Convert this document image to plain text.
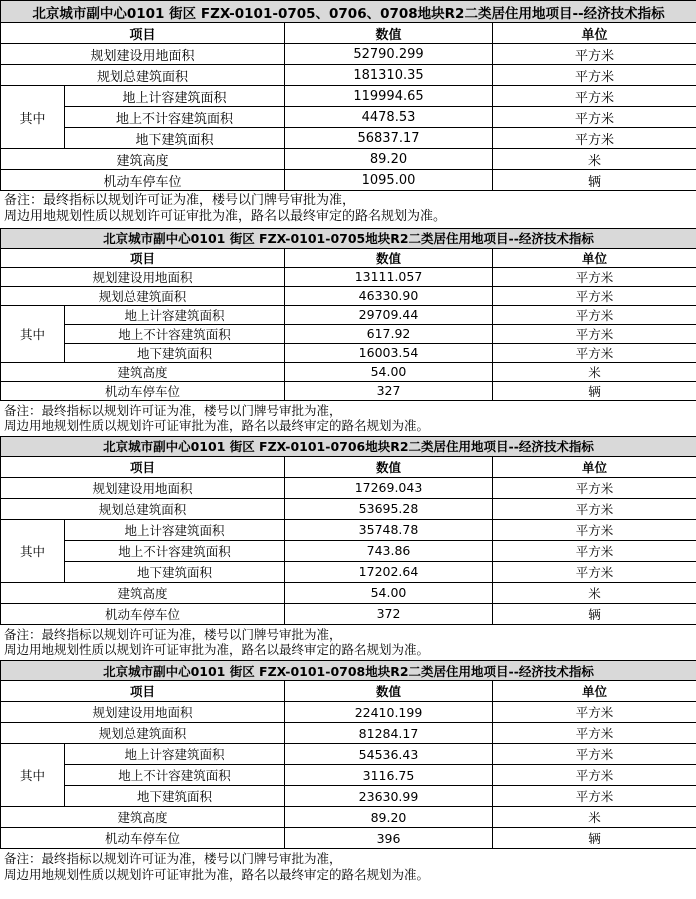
北京城市副中心0101 街区 FZX-0101-0705、0706、0708地块R2二类居住用地项目--经济技术指标			
项目		数值	单位
规划建设用地面积		52790.299	平方米
规划总建筑面积		181310.35	平方米
其中	地上计容建筑面积	119994.65	平方米
	地上不计容建筑面积	4478.53	平方米
	地下建筑面积	56837.17	平方米
建筑高度		89.20	米
机动车停车位		1095.00	辆
备注：最终指标以规划许可证为准，楼号以门牌号审批为准，
周边用地规划性质以规划许可证审批为准，路名以最终审定的路名规划为准。
北京城市副中心0101 街区 FZX-0101-0705地块R2二类居住用地项目--经济技术指标			
项目		数值	单位
规划建设用地面积		13111.057	平方米
规划总建筑面积		46330.90	平方米
其中	地上计容建筑面积	29709.44	平方米
	地上不计容建筑面积	617.92	平方米
	地下建筑面积	16003.54	平方米
建筑高度		54.00	米
机动车停车位		327	辆
备注：最终指标以规划许可证为准，楼号以门牌号审批为准，
周边用地规划性质以规划许可证审批为准，路名以最终审定的路名规划为准。
北京城市副中心0101 街区 FZX-0101-0706地块R2二类居住用地项目--经济技术指标			
项目		数值	单位
规划建设用地面积		17269.043	平方米
规划总建筑面积		53695.28	平方米
其中	地上计容建筑面积	35748.78	平方米
	地上不计容建筑面积	743.86	平方米
	地下建筑面积	17202.64	平方米
建筑高度		54.00	米
机动车停车位		372	辆
备注：最终指标以规划许可证为准，楼号以门牌号审批为准，
周边用地规划性质以规划许可证审批为准，路名以最终审定的路名规划为准。
北京城市副中心0101 街区 FZX-0101-0708地块R2二类居住用地项目--经济技术指标			
项目		数值	单位
规划建设用地面积		22410.199	平方米
规划总建筑面积		81284.17	平方米
其中	地上计容建筑面积	54536.43	平方米
	地上不计容建筑面积	3116.75	平方米
	地下建筑面积	23630.99	平方米
建筑高度		89.20	米
机动车停车位		396	辆
备注：最终指标以规划许可证为准，楼号以门牌号审批为准，
周边用地规划性质以规划许可证审批为准，路名以最终审定的路名规划为准。
